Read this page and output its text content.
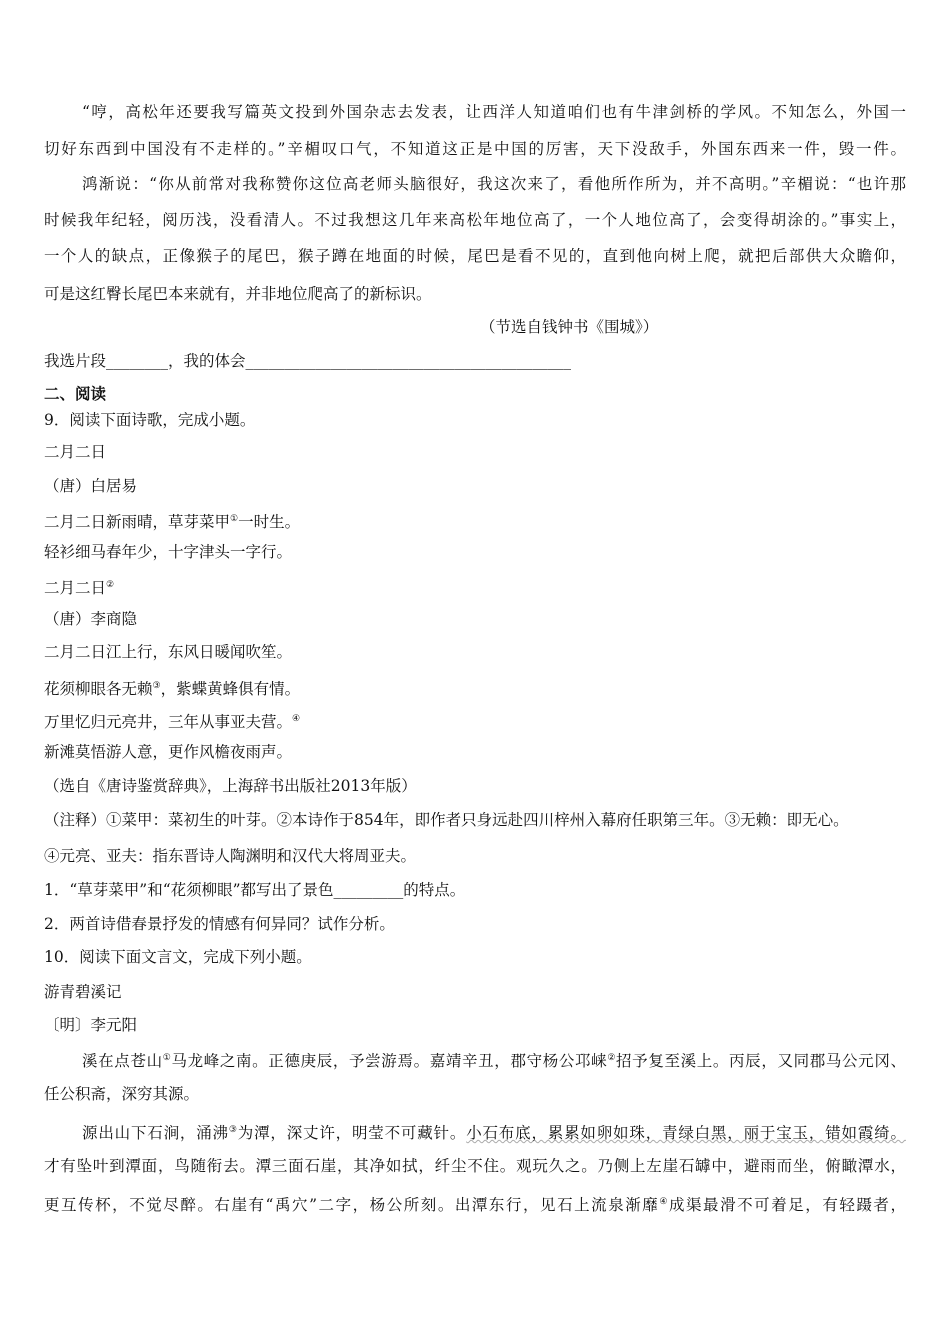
“哼，高松年还要我写篇英文投到外国杂志去发表，让西洋人知道咱们也有牛津剑桥的学风。不知怎么，外国一
切好东西到中国没有不走样的。”辛楣叹口气，不知道这正是中国的厉害，天下没敌手，外国东西来一件，毁一件。
鸿渐说：“你从前常对我称赞你这位高老师头脑很好，我这次来了，看他所作所为，并不高明。”辛楣说：“也许那
时候我年纪轻，阅历浅，没看清人。不过我想这几年来高松年地位高了，一个人地位高了，会变得胡涂的。”事实上，
一个人的缺点，正像猴子的尾巴，猴子蹲在地面的时候，尾巴是看不见的，直到他向树上爬，就把后部供大众瞻仰，
可是这红臀长尾巴本来就有，并非地位爬高了的新标识。
（节选自钱钟书《围城》）
我选片段________，我的体会__________________________________________
二、阅读
9．阅读下面诗歌，完成小题。
二月二日
（唐）白居易
二月二日新雨晴，草芽菜甲①一时生。
轻衫细马春年少，十字津头一字行。
二月二日②
（唐）李商隐
二月二日江上行，东风日暖闻吹笙。
花须柳眼各无赖③，紫蝶黄蜂俱有情。
万里忆归元亮井，三年从事亚夫营。④
新滩莫悟游人意，更作风檐夜雨声。
（选自《唐诗鉴赏辞典》，上海辞书出版社2013年版）
（注释）①菜甲：菜初生的叶芽。②本诗作于854年，即作者只身远赴四川梓州入幕府任职第三年。③无赖：即无心。
④元亮、亚夫：指东晋诗人陶渊明和汉代大将周亚夫。
1．“草芽菜甲”和“花须柳眼”都写出了景色_________的特点。
2．两首诗借春景抒发的情感有何异同？试作分析。
10．阅读下面文言文，完成下列小题。
游青碧溪记
〔明〕李元阳
溪在点苍山①马龙峰之南。正德庚辰，予尝游焉。嘉靖辛丑，郡守杨公邛崃②招予复至溪上。丙辰，又同郡马公元冈、
任公积斋，深穷其源。
源出山下石涧，涌沸③为潭，深丈许，明莹不可藏针。小石布底，累累如卵如珠，青绿白黑，丽于宝玉，错如霞绮。
才有坠叶到潭面，鸟随衔去。潭三面石崖，其净如拭，纤尘不住。观玩久之。乃侧上左崖石罅中，避雨而坐，俯瞰潭水，
更互传杯，不觉尽醉。右崖有“禹穴”二字，杨公所刻。出潭东行，见石上流泉渐靡④成渠最滑不可着足，有轻蹑者，
